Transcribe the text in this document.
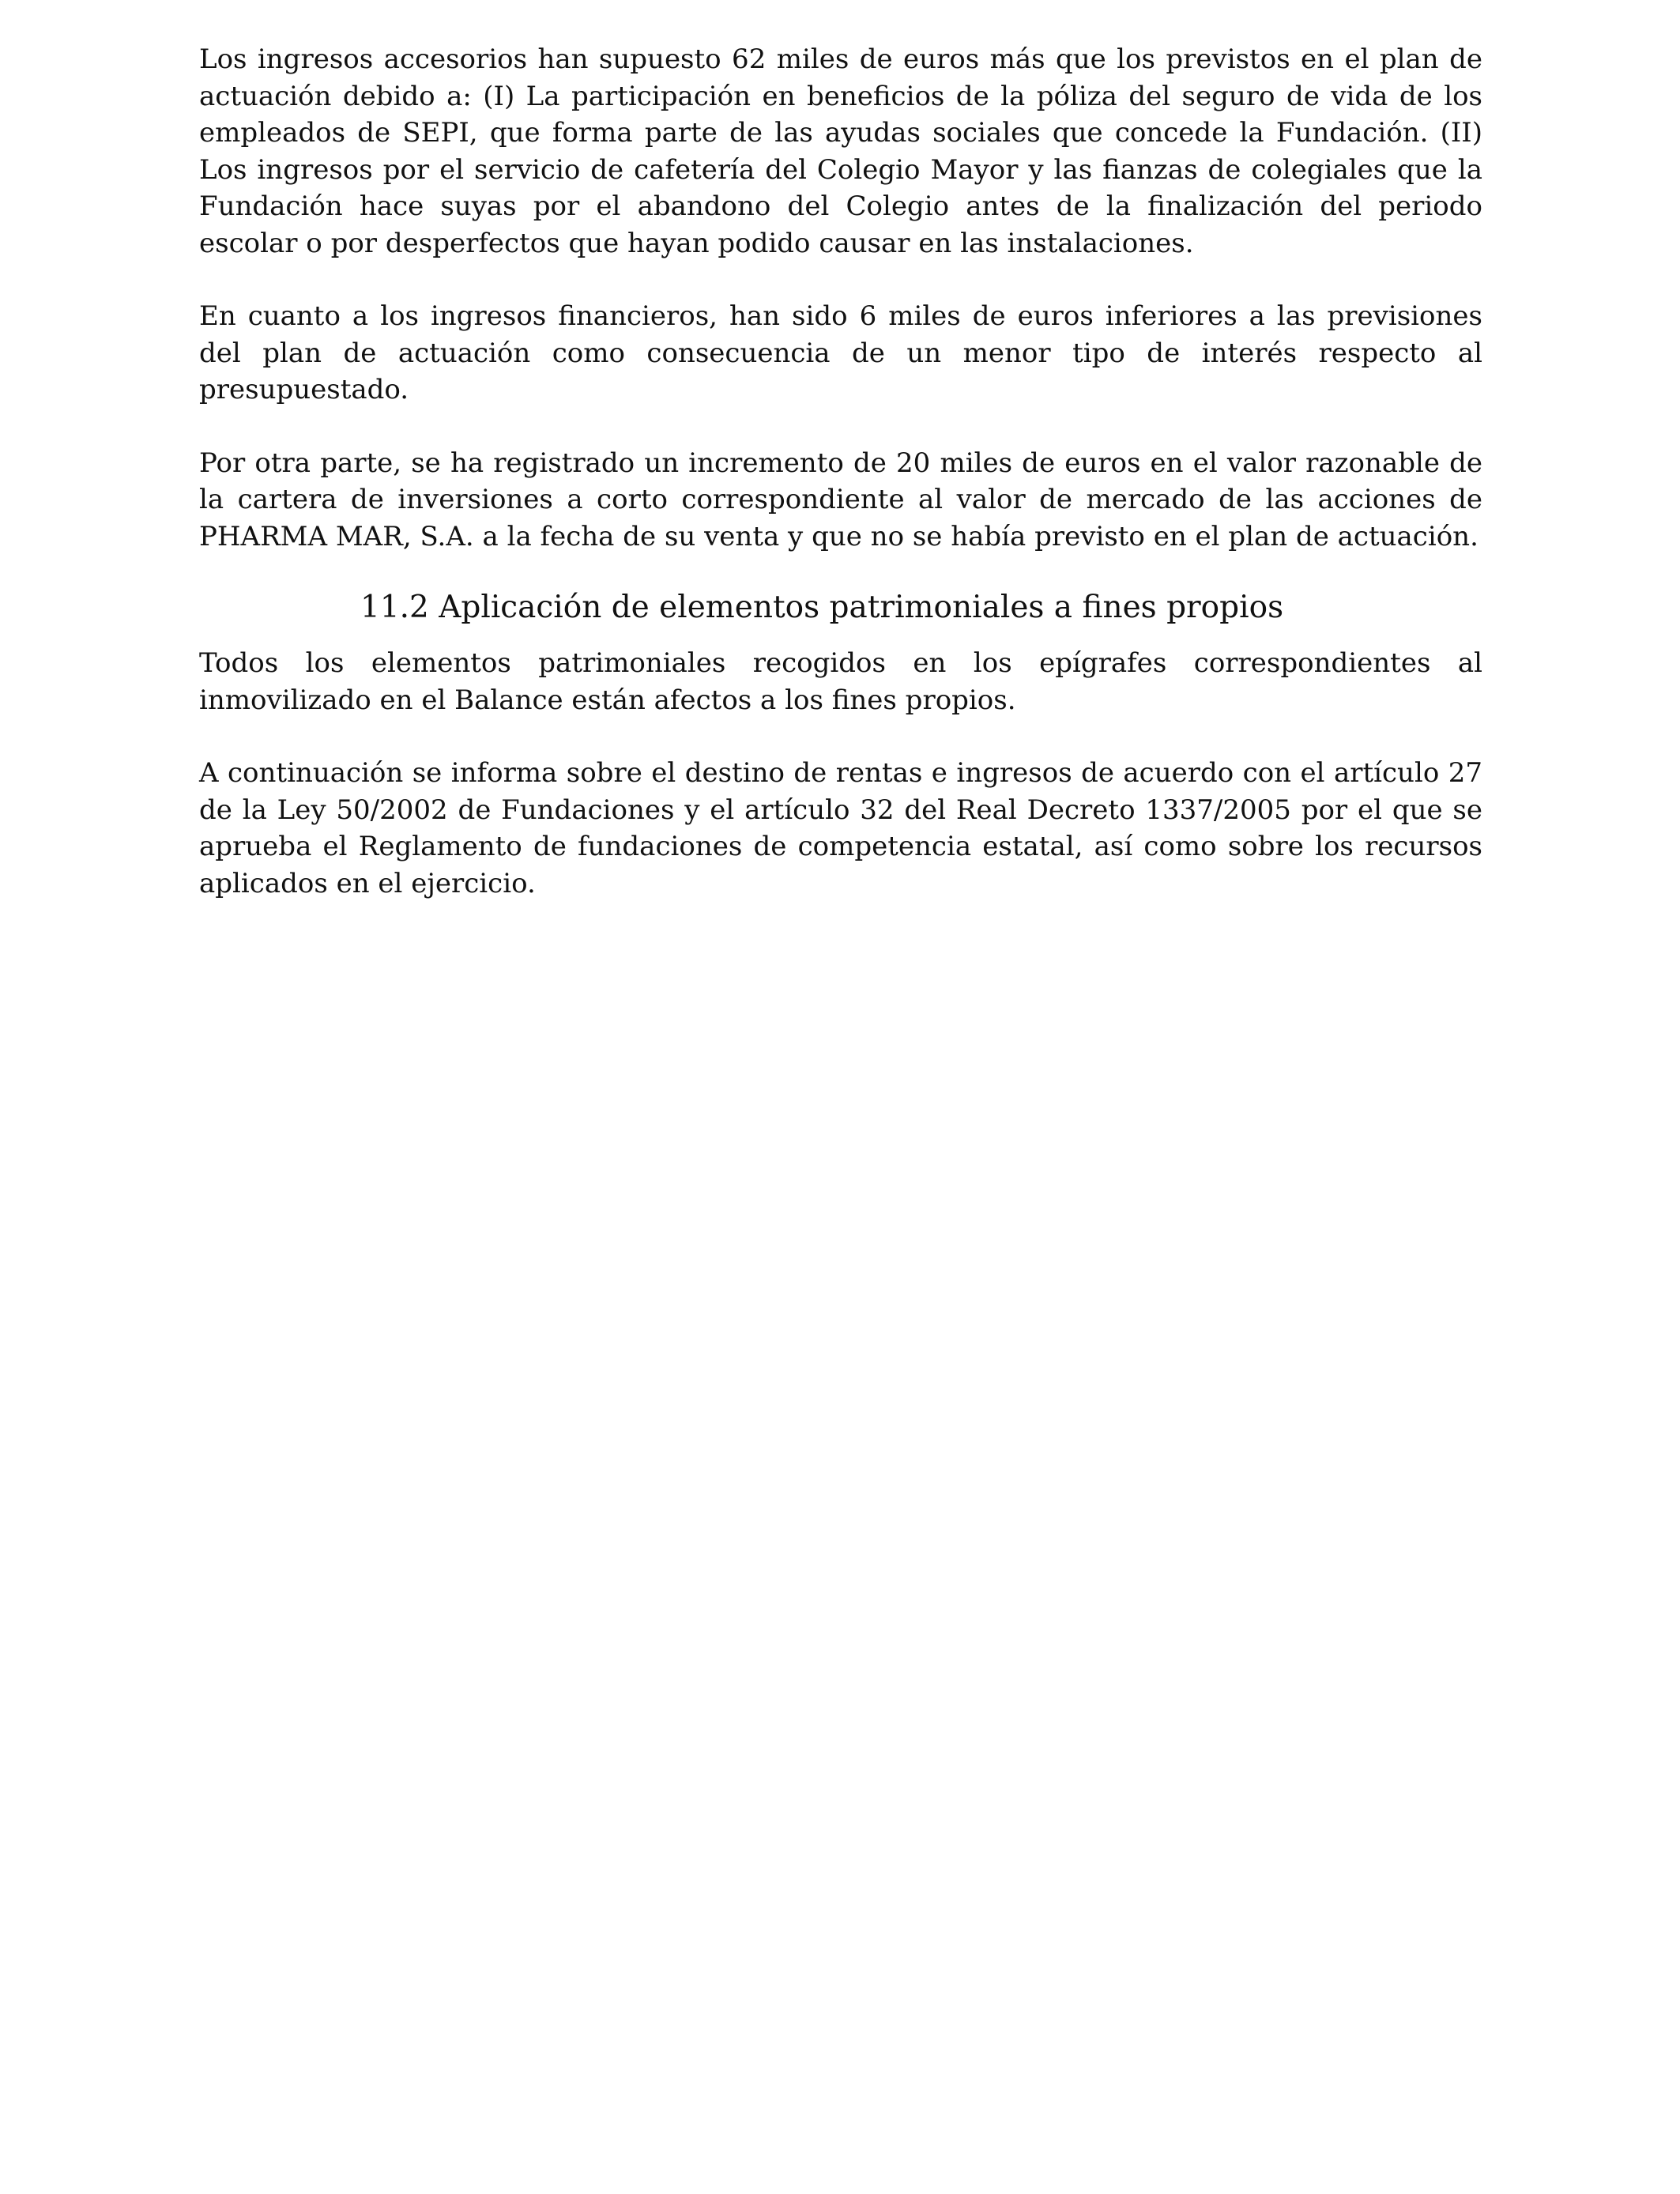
Los ingresos accesorios han supuesto 62 miles de euros más que los previstos en el plan de actuación debido a: (I) La participación en beneficios de la póliza del seguro de vida de los empleados de SEPI, que forma parte de las ayudas sociales que concede la Fundación. (II) Los ingresos por el servicio de cafetería del Colegio Mayor y las fianzas de colegiales que la Fundación hace suyas por el abandono del Colegio antes de la finalización del periodo escolar o por desperfectos que hayan podido causar en las instalaciones.

En cuanto a los ingresos financieros, han sido 6 miles de euros inferiores a las previsiones del plan de actuación como consecuencia de un menor tipo de interés respecto al presupuestado.

Por otra parte, se ha registrado un incremento de 20 miles de euros en el valor razonable de la cartera de inversiones a corto correspondiente al valor de mercado de las acciones de PHARMA MAR, S.A. a la fecha de su venta y que no se había previsto en el plan de actuación.

11.2 Aplicación de elementos patrimoniales a fines propios

Todos los elementos patrimoniales recogidos en los epígrafes correspondientes al inmovilizado en el Balance están afectos a los fines propios.

A continuación se informa sobre el destino de rentas e ingresos de acuerdo con el artículo 27 de la Ley 50/2002 de Fundaciones y el artículo 32 del Real Decreto 1337/2005 por el que se aprueba el Reglamento de fundaciones de competencia estatal, así como sobre los recursos aplicados en el ejercicio.
